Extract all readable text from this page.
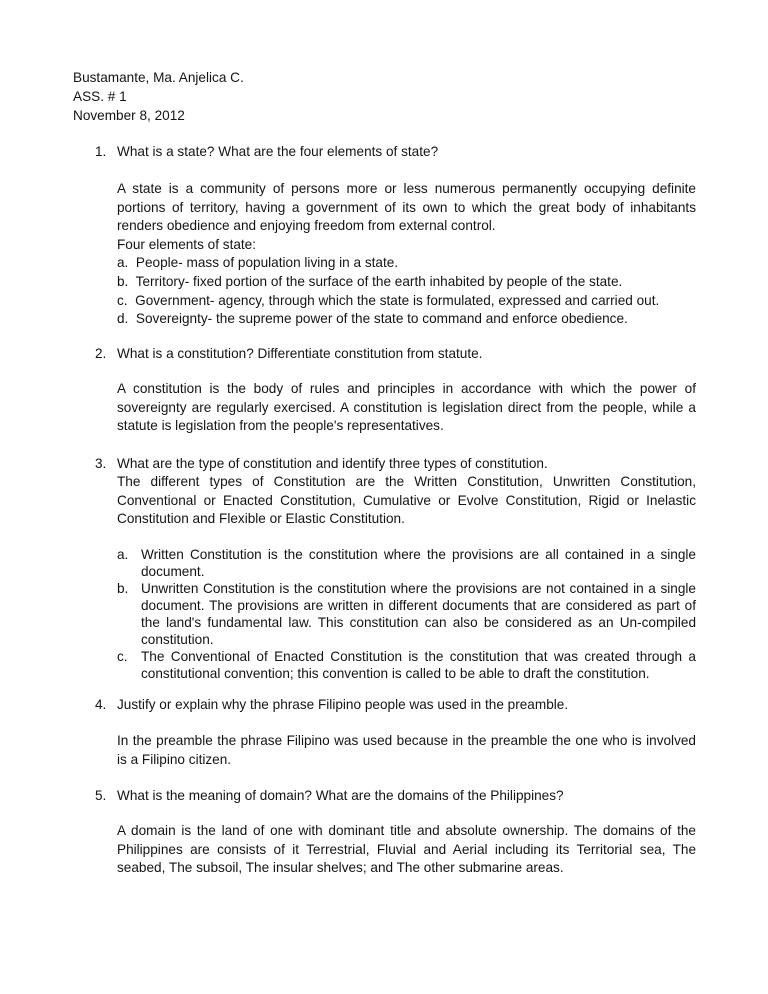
Bustamante, Ma. Anjelica C.
ASS. # 1
November 8, 2012
1. What is a state? What are the four elements of state?

A state is a community of persons more or less numerous permanently occupying definite portions of territory, having a government of its own to which the great body of inhabitants renders obedience and enjoying freedom from external control.

Four elements of state:

a.  People- mass of population living in a state.

b.  Territory- fixed portion of the surface of the earth inhabited by people of the state.

c.  Government- agency, through which the state is formulated, expressed and carried out.

d.  Sovereignty- the supreme power of the state to command and enforce obedience.

2. What is a constitution? Differentiate constitution from statute.

A constitution is the body of rules and principles in accordance with which the power of sovereignty are regularly exercised. A constitution is legislation direct from the people, while a statute is legislation from the people's representatives.

3. What are the type of constitution and identify three types of constitution.

The different types of Constitution are the Written Constitution, Unwritten Constitution, Conventional or Enacted Constitution, Cumulative or Evolve Constitution, Rigid or Inelastic Constitution and Flexible or Elastic Constitution.

a. Written Constitution is the constitution where the provisions are all contained in a single document.
b. Unwritten Constitution is the constitution where the provisions are not contained in a single document. The provisions are written in different documents that are considered as part of the land's fundamental law. This constitution can also be considered as an Un-compiled constitution.
c. The Conventional of Enacted Constitution is the constitution that was created through a constitutional convention; this convention is called to be able to draft the constitution.
4. Justify or explain why the phrase Filipino people was used in the preamble.

In the preamble the phrase Filipino was used because in the preamble the one who is involved is a Filipino citizen.

5. What is the meaning of domain? What are the domains of the Philippines?

A domain is the land of one with dominant title and absolute ownership. The domains of the Philippines are consists of it Terrestrial, Fluvial and Aerial including its Territorial sea, The seabed, The subsoil, The insular shelves; and The other submarine areas.
